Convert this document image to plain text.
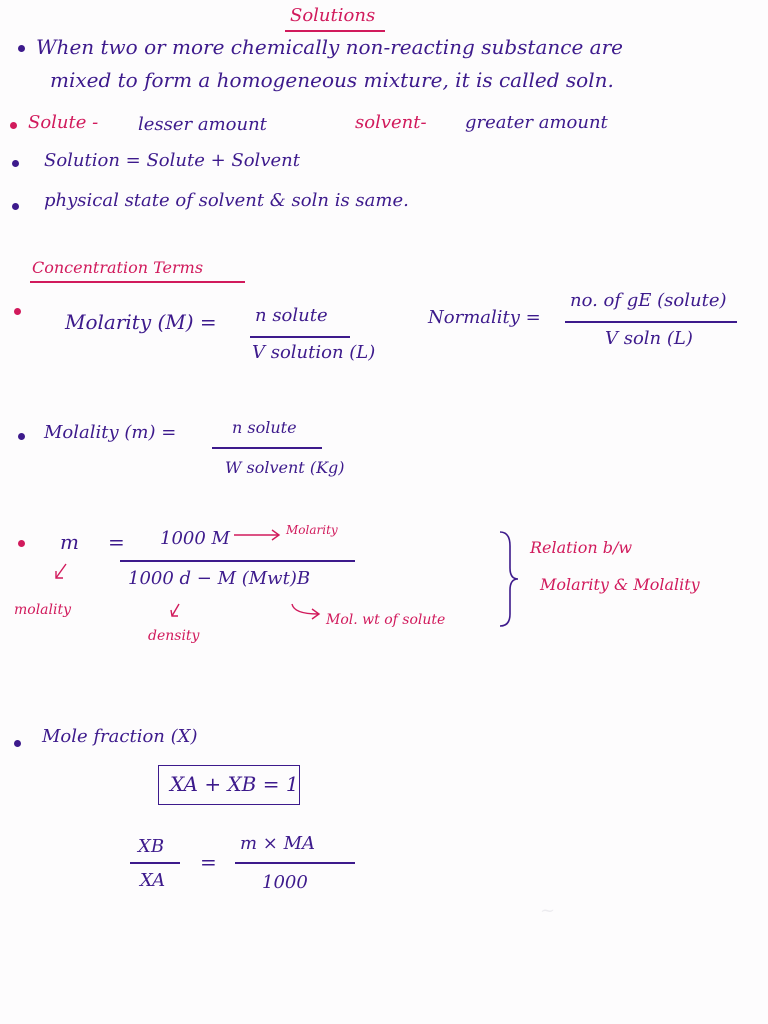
~
Solutions
When two or more chemically non-reacting substance are
mixed to form a homogeneous mixture, it is called soln.
Solute - lesser amount	solvent- greater amount
Solution = Solute + Solvent
physical state of solvent & soln is same.
Concentration Terms
Molarity (M) = n solute
V solution (L)
Normality =
no. of gE (solute)
V soln (L)
Molality (m) =	n solute
W solvent (Kg)
m = 1000 M	Molarity
1000 d − M (Mwt)B
molality
density
Mol. wt of solute
Relation b/w
Molarity & Molality
Mole fraction (X)
XA + XB = 1
XB
XA
=
m × MA
1000
